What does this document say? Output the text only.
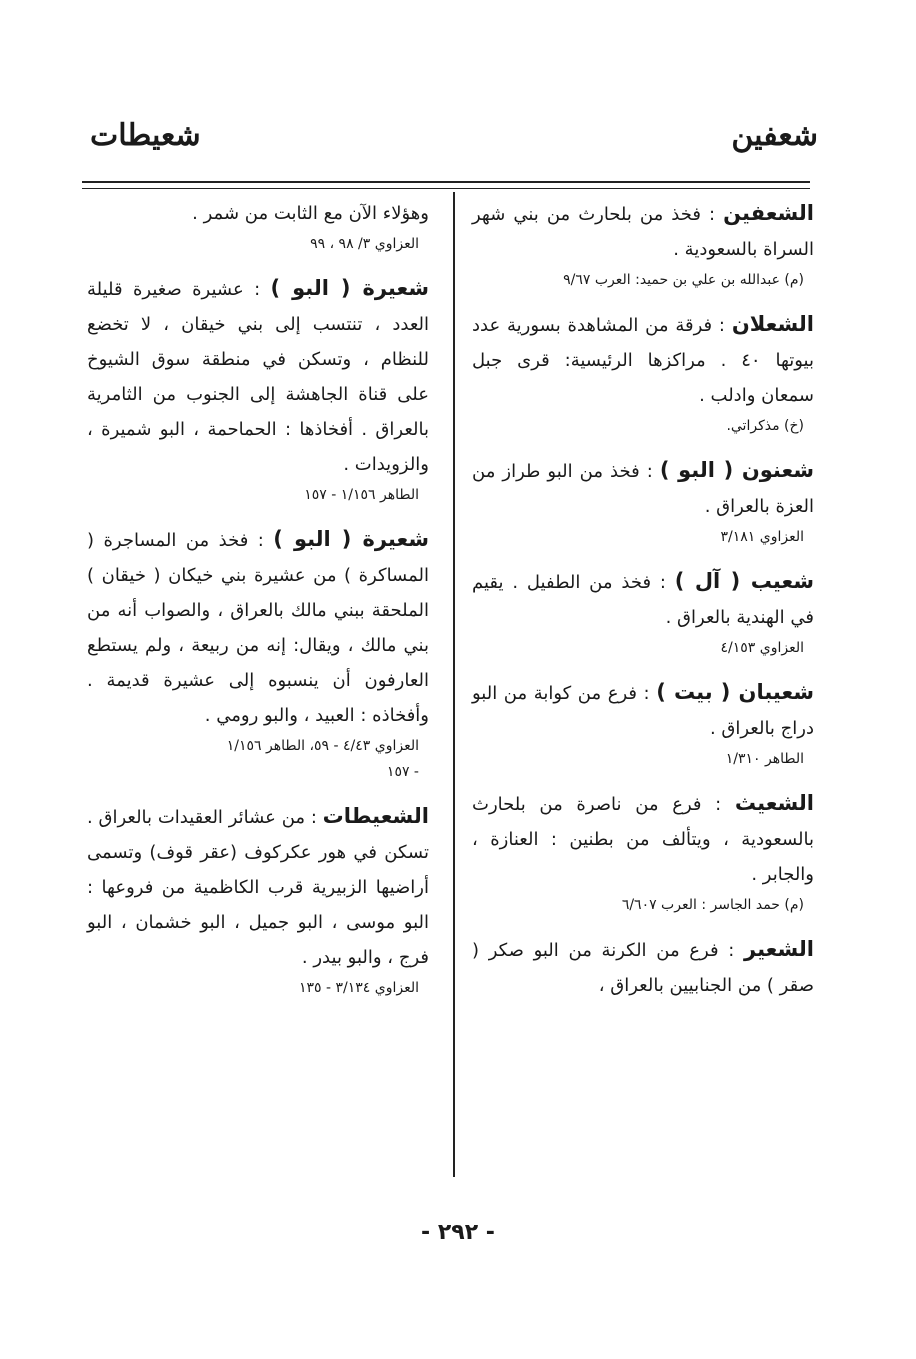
شعفين
شعيطات
الشعفين : فخذ من بلحارث من بني شهر السراة بالسعودية .
(م) عبدالله بن علي بن حميد: العرب ٩/٦٧
الشعلان : فرقة من المشاهدة بسورية عدد بيوتها ٤٠ . مراكزها الرئيسية: قرى جبل سمعان وادلب .
(خ) مذكراتي.
شعنون ( البو ) : فخذ من البو طراز من العزة بالعراق .
العزاوي ٣/١٨١
شعيب ( آل ) : فخذ من الطفيل . يقيم في الهندية بالعراق .
العزاوي ٤/١٥٣
شعيبان ( بيت ) : فرع من كوابة من البو دراج بالعراق .
الطاهر ١/٣١٠
الشعيث : فرع من ناصرة من بلحارث بالسعودية ، ويتألف من بطنين : العنازة ، والجابر .
(م) حمد الجاسر : العرب ٦/٦٠٧
الشعير : فرع من الكرنة من البو صكر ( صقر ) من الجنابيين بالعراق ،
وهؤلاء الآن مع الثابت من شمر .
العزاوي ٣/ ٩٨ ، ٩٩
شعيرة ( البو ) : عشيرة صغيرة قليلة العدد ، تنتسب إلى بني خيقان ، لا تخضع للنظام ، وتسكن في منطقة سوق الشيوخ على قناة الجاهشة إلى الجنوب من الثامرية بالعراق . أفخاذها : الحماحمة ، البو شميرة ، والزويدات .
الطاهر ١/١٥٦ - ١٥٧
شعيرة ( البو ) : فخذ من المساجرة ( المساكرة ) من عشيرة بني خيكان ( خيقان ) الملحقة ببني مالك بالعراق ، والصواب أنه من بني مالك ، ويقال: إنه من ربيعة ، ولم يستطع العارفون أن ينسبوه إلى عشيرة قديمة . وأفخاذه : العبيد ، والبو رومي .
العزاوي ٤/٤٣ - ٥٩، الطاهر ١/١٥٦
- ١٥٧
الشعيطات : من عشائر العقيدات بالعراق . تسكن في هور عكركوف (عقر قوف) وتسمى أراضيها الزبيرية قرب الكاظمية من فروعها : البو موسى ، البو جميل ، البو خشمان ، البو فرج ، والبو بيدر .
العزاوي ٣/١٣٤ - ١٣٥
- ٢٩٢ -
